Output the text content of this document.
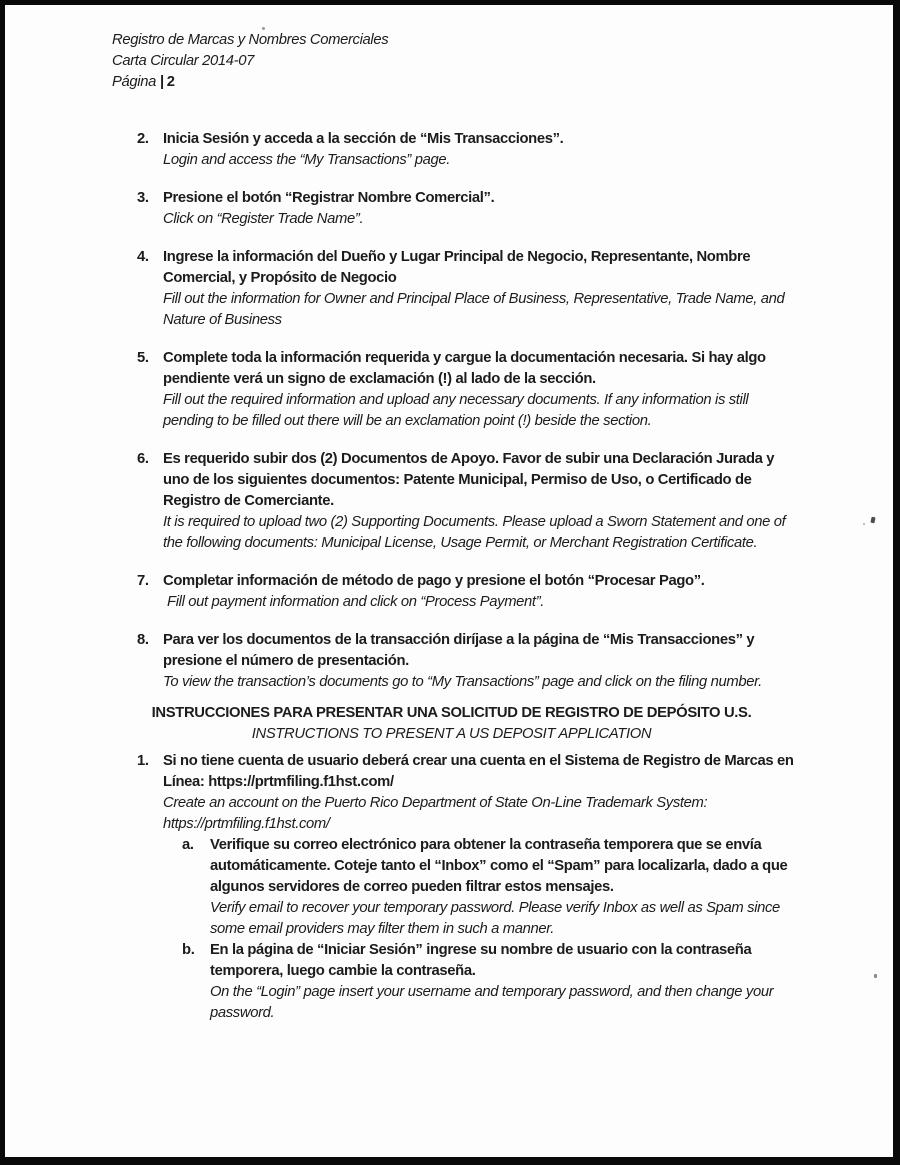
Registro de Marcas y Nombres Comerciales
Carta Circular 2014-07
Página | 2
2. Inicia Sesión y acceda a la sección de “Mis Transacciones”.
Login and access the “My Transactions” page.
3. Presione el botón “Registrar Nombre Comercial”.
Click on “Register Trade Name”.
4. Ingrese la información del Dueño y Lugar Principal de Negocio, Representante, Nombre Comercial, y Propósito de Negocio
Fill out the information for Owner and Principal Place of Business, Representative, Trade Name, and Nature of Business
5. Complete toda la información requerida y cargue la documentación necesaria. Si hay algo pendiente verá un signo de exclamación (!) al lado de la sección.
Fill out the required information and upload any necessary documents. If any information is still pending to be filled out there will be an exclamation point (!) beside the section.
6. Es requerido subir dos (2) Documentos de Apoyo. Favor de subir una Declaración Jurada y uno de los siguientes documentos: Patente Municipal, Permiso de Uso, o Certificado de Registro de Comerciante.
It is required to upload two (2) Supporting Documents. Please upload a Sworn Statement and one of the following documents: Municipal License, Usage Permit, or Merchant Registration Certificate.
7. Completar información de método de pago y presione el botón “Procesar Pago”.
Fill out payment information and click on “Process Payment”.
8. Para ver los documentos de la transacción diríjase a la página de “Mis Transacciones” y presione el número de presentación.
To view the transaction’s documents go to “My Transactions” page and click on the filing number.
INSTRUCCIONES PARA PRESENTAR UNA SOLICITUD DE REGISTRO DE DEPÓSITO U.S.
INSTRUCTIONS TO PRESENT A US DEPOSIT APPLICATION
1. Si no tiene cuenta de usuario deberá crear una cuenta en el Sistema de Registro de Marcas en Línea: https://prtmfiling.f1hst.com/
Create an account on the Puerto Rico Department of State On-Line Trademark System: https://prtmfiling.f1hst.com/
a.	Verifique su correo electrónico para obtener la contraseña temporera que se envía automáticamente. Coteje tanto el “Inbox” como el “Spam” para localizarla, dado a que algunos servidores de correo pueden filtrar estos mensajes.
Verify email to recover your temporary password. Please verify Inbox as well as Spam since some email providers may filter them in such a manner.
b.	En la página de “Iniciar Sesión” ingrese su nombre de usuario con la contraseña temporera, luego cambie la contraseña.
On the “Login” page insert your username and temporary password, and then change your password.
